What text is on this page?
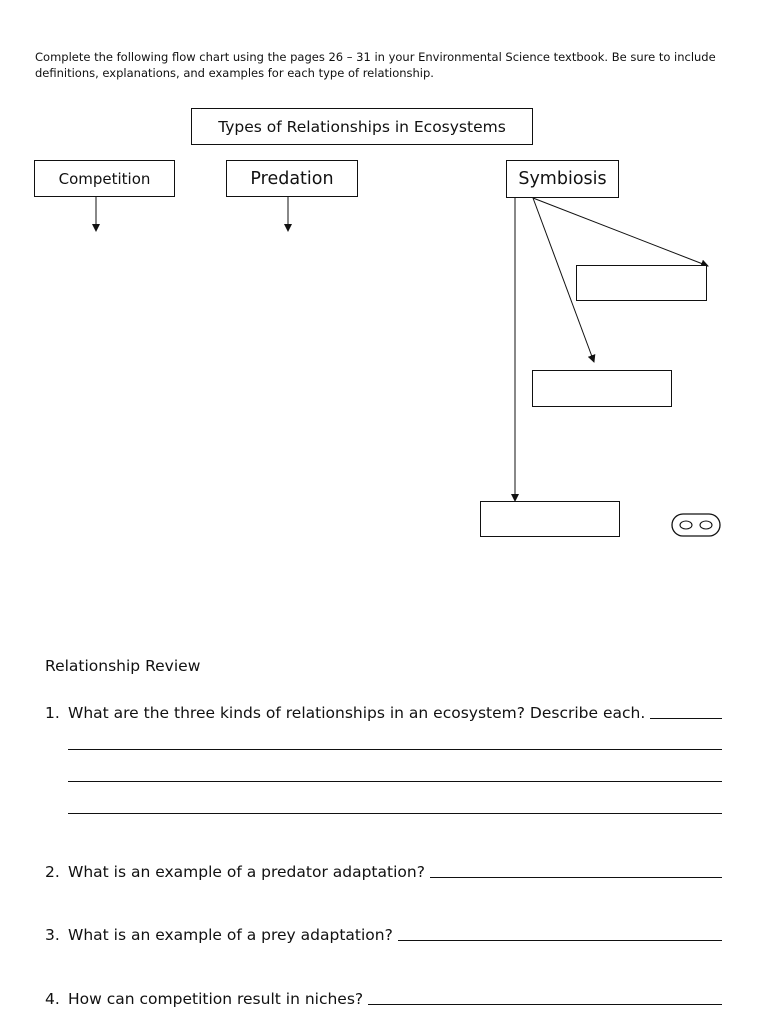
Complete the following flow chart using the pages 26 – 31 in your Environmental Science textbook. Be sure to include definitions, explanations, and examples for each type of relationship.

Types of Relationships in Ecosystems
Competition	Predation	Symbiosis
Relationship Review
1. What are the three kinds of relationships in an ecosystem? Describe each.
2. What is an example of a predator adaptation?
3. What is an example of a prey adaptation?
4. How can competition result in niches?
